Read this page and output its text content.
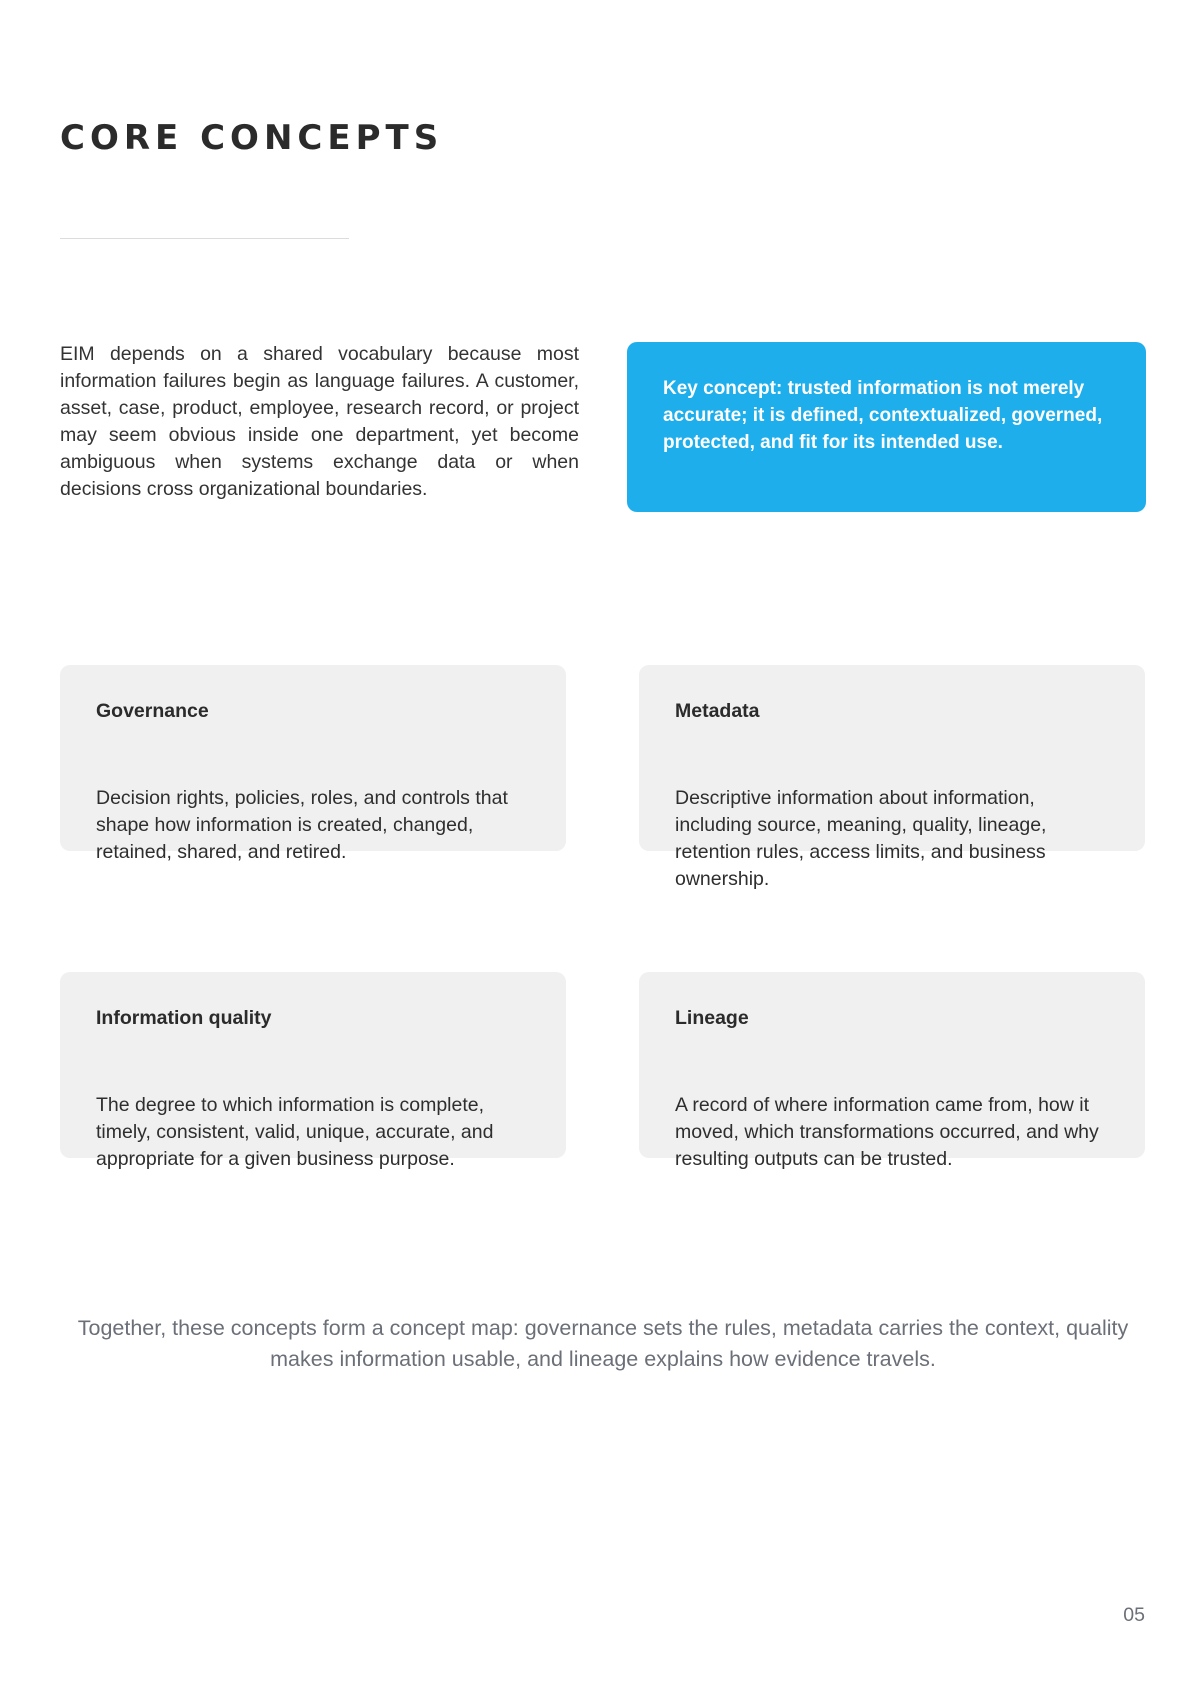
CORE CONCEPTS

EIM depends on a shared vocabulary because most information failures begin as language failures. A customer, asset, case, product, employee, research record, or project may seem obvious inside one department, yet become ambiguous when systems exchange data or when decisions cross organizational boundaries.

Key concept: trusted information is not merely accurate; it is defined, contextualized, governed, protected, and fit for its intended use.

Governance

Decision rights, policies, roles, and controls that shape how information is created, changed, retained, shared, and retired.

Metadata

Descriptive information about information, including source, meaning, quality, lineage, retention rules, access limits, and business ownership.

Information quality

The degree to which information is complete, timely, consistent, valid, unique, accurate, and appropriate for a given business purpose.

Lineage

A record of where information came from, how it moved, which transformations occurred, and why resulting outputs can be trusted.

Together, these concepts form a concept map: governance sets the rules, metadata carries the context, quality makes information usable, and lineage explains how evidence travels.

05
